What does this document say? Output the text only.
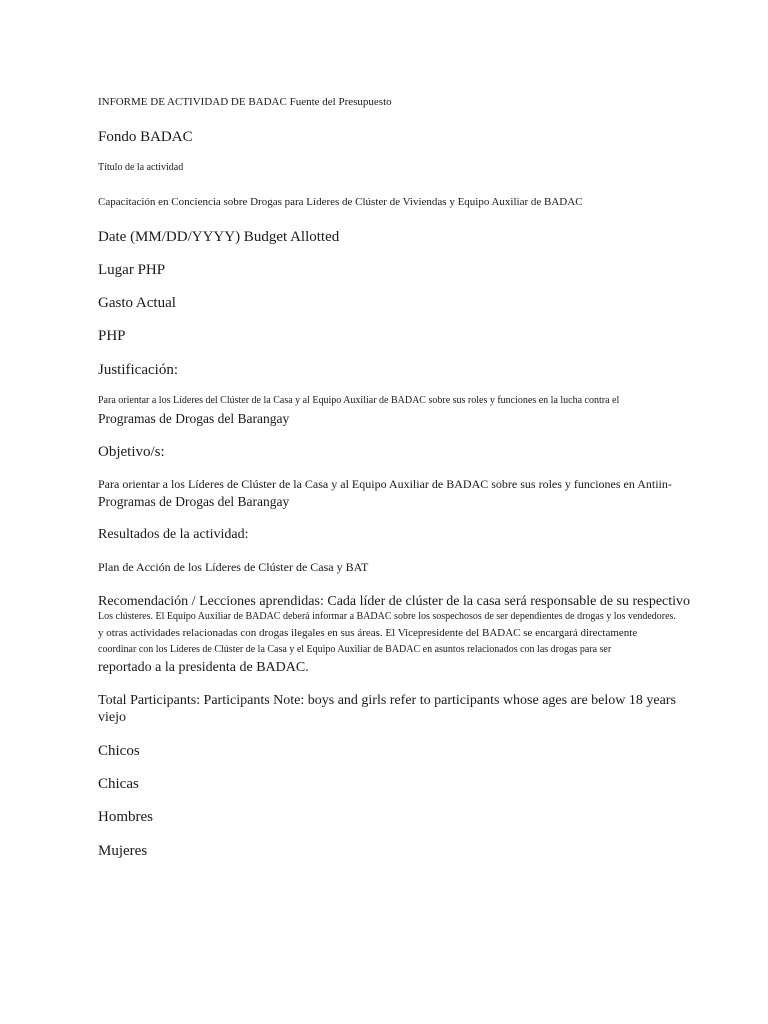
INFORME DE ACTIVIDAD DE BADAC Fuente del Presupuesto
Fondo BADAC
Título de la actividad
Capacitación en Conciencia sobre Drogas para Líderes de Clúster de Viviendas y Equipo Auxiliar de BADAC
Date (MM/DD/YYYY) Budget Allotted
Lugar PHP
Gasto Actual
PHP
Justificación:
Para orientar a los Líderes del Clúster de la Casa y al Equipo Auxiliar de BADAC sobre sus roles y funciones en la lucha contra el
Programas de Drogas del Barangay
Objetivo/s:
Para orientar a los Líderes de Clúster de la Casa y al Equipo Auxiliar de BADAC sobre sus roles y funciones en Antiin-
Programas de Drogas del Barangay
Resultados de la actividad:
Plan de Acción de los Líderes de Clúster de Casa y BAT
Recomendación / Lecciones aprendidas: Cada líder de clúster de la casa será responsable de su respectivo
Los clústeres. El Equipo Auxiliar de BADAC deberá informar a BADAC sobre los sospechosos de ser dependientes de drogas y los vendedores.
y otras actividades relacionadas con drogas ilegales en sus áreas. El Vicepresidente del BADAC se encargará directamente
coordinar con los Líderes de Clúster de la Casa y el Equipo Auxiliar de BADAC en asuntos relacionados con las drogas para ser
reportado a la presidenta de BADAC.
Total Participants: Participants Note: boys and girls refer to participants whose ages are below 18 years
viejo
Chicos
Chicas
Hombres
Mujeres
